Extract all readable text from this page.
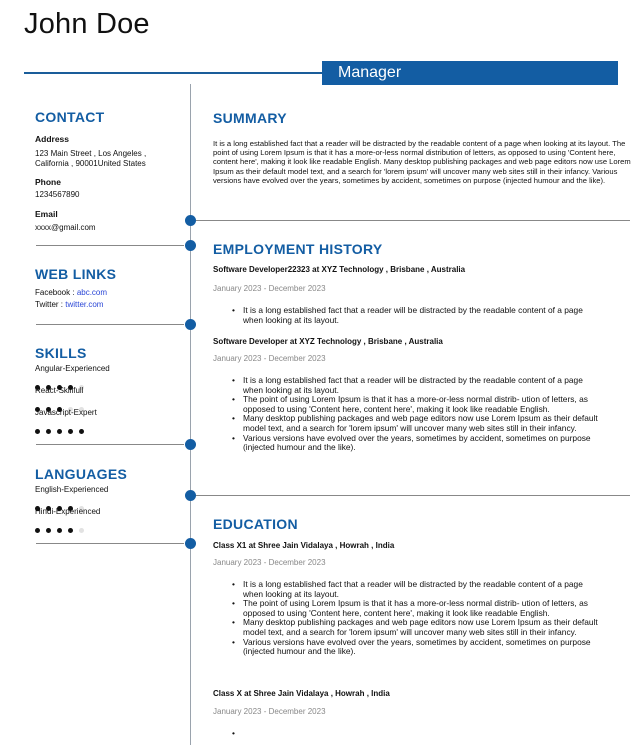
John Doe
Manager
CONTACT
Address
123 Main Street , Los Angeles ,
California , 90001United States
Phone
1234567890
Email
xxxx@gmail.com
WEB LINKS
Facebook : abc.com
Twitter : twitter.com
SKILLS
Angular-Experienced
React-Skillfull
Javascript-Expert
LANGUAGES
English-Experienced
Hindi-Experienced
SUMMARY
It is a long established fact that a reader will be distracted by the readable content of a page when looking at its layout. The point of using Lorem Ipsum is that it has a more-or-less normal distribution of letters, as opposed to using 'Content here, content here', making it look like readable English. Many desktop publishing packages and web page editors now use Lorem Ipsum as their default model text, and a search for 'lorem ipsum' will uncover many web sites still in their infancy. Various versions have evolved over the years, sometimes by accident, sometimes on purpose (injected humour and the like).
EMPLOYMENT HISTORY
Software Developer22323 at XYZ Technology , Brisbane , Australia
January 2023 - December 2023
• It is a long established fact that a reader will be distracted by the readable content of a page when looking at its layout.
Software Developer at XYZ Technology , Brisbane , Australia
January 2023 - December 2023
• It is a long established fact that a reader will be distracted by the readable content of a page when looking at its layout.
• The point of using Lorem Ipsum is that it has a more-or-less normal distrib- ution of letters, as opposed to using 'Content here, content here', making it look like readable English.
• Many desktop publishing packages and web page editors now use Lorem Ipsum as their default model text, and a search for 'lorem ipsum' will uncover many web sites still in their infancy.
• Various versions have evolved over the years, sometimes by accident, sometimes on purpose (injected humour and the like).
EDUCATION
Class X1 at Shree Jain Vidalaya , Howrah , India
January 2023 - December 2023
• It is a long established fact that a reader will be distracted by the readable content of a page when looking at its layout.
• The point of using Lorem Ipsum is that it has a more-or-less normal distrib- ution of letters, as opposed to using 'Content here, content here', making it look like readable English.
• Many desktop publishing packages and web page editors now use Lorem Ipsum as their default model text, and a search for 'lorem ipsum' will uncover many web sites still in their infancy.
• Various versions have evolved over the years, sometimes by accident, sometimes on purpose (injected humour and the like).
Class X at Shree Jain Vidalaya , Howrah , India
January 2023 - December 2023
